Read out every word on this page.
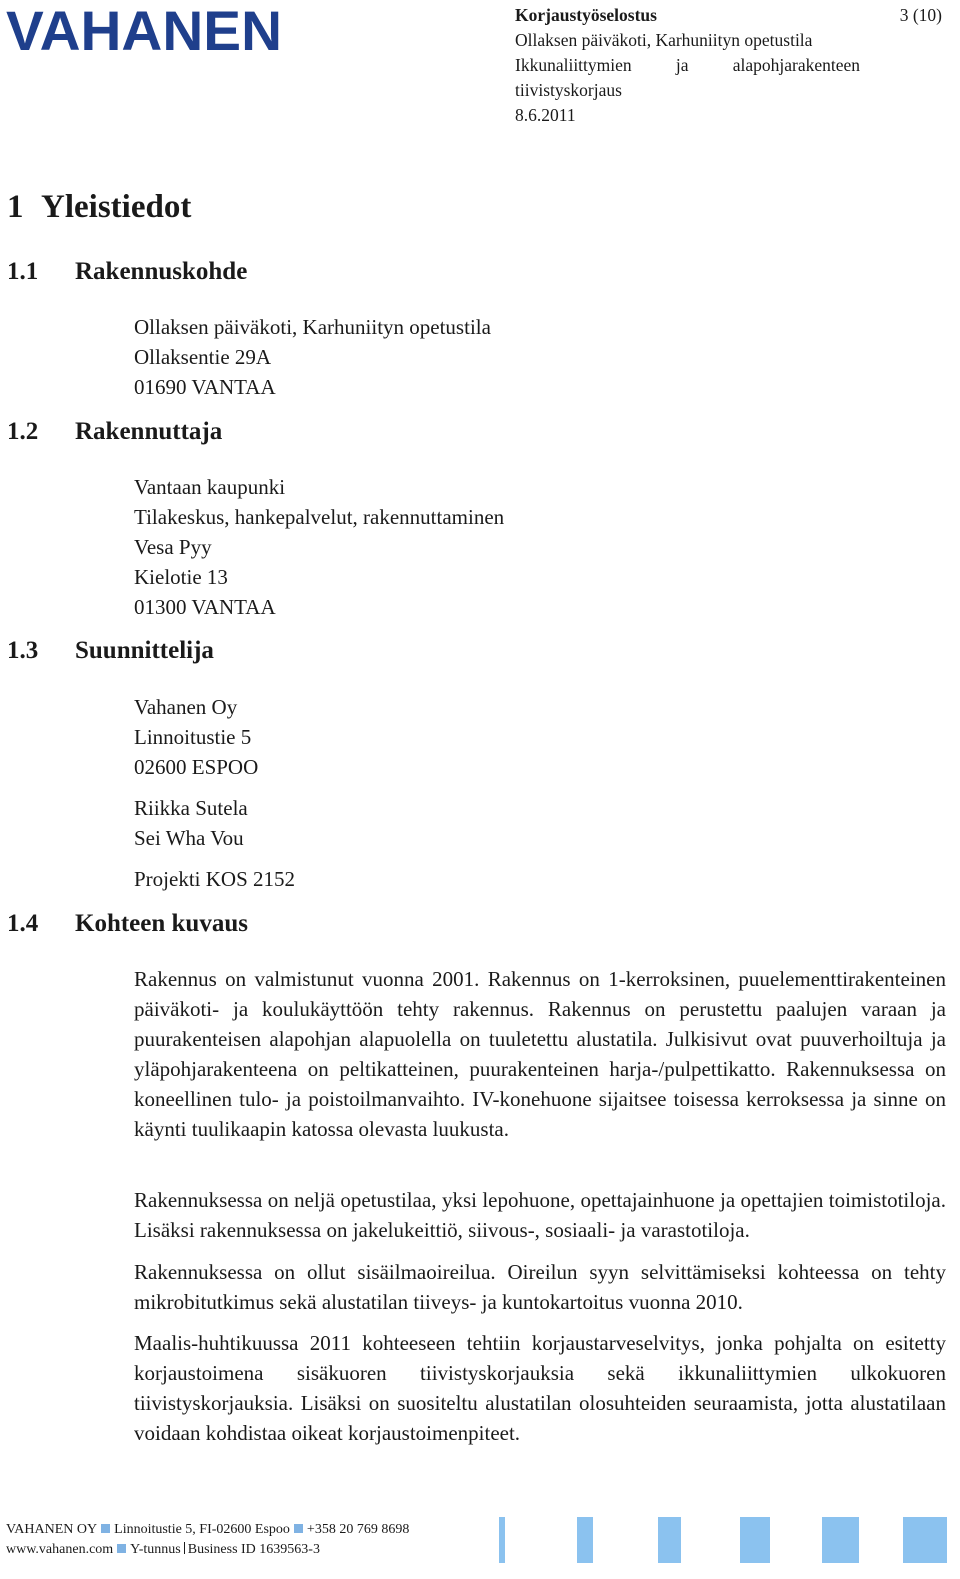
VAHANEN	Korjaustyöselostus
Ollaksen päiväkoti, Karhuniityn opetustila
Ikkunaliittymien ja alapohjarakenteen tiivistyskorjaus
8.6.2011
3 (10)
1 Yleistiedot
1.1 Rakennuskohde
Ollaksen päiväkoti, Karhuniityn opetustila
Ollaksentie 29A
01690 VANTAA
1.2 Rakennuttaja
Vantaan kaupunki
Tilakeskus, hankepalvelut, rakennuttaminen
Vesa Pyy
Kielotie 13
01300 VANTAA
1.3 Suunnittelija
Vahanen Oy
Linnoitustie 5
02600 ESPOO
Riikka Sutela
Sei Wha Vou
Projekti KOS 2152
1.4 Kohteen kuvaus
Rakennus on valmistunut vuonna 2001. Rakennus on 1-kerroksinen, puuelementtirakenteinen päiväkoti- ja koulukäyttöön tehty rakennus. Rakennus on perustettu paalujen varaan ja puurakenteisen alapohjan alapuolella on tuuletettu alustatila. Julkisivut ovat puuverhoiltuja ja yläpohjarakenteena on peltikatteinen, puurakenteinen harja-/pulpettikatto. Rakennuksessa on koneellinen tulo- ja poistoilmanvaihto. IV-konehuone sijaitsee toisessa kerroksessa ja sinne on käynti tuulikaapin katossa olevasta luukusta.
Rakennuksessa on neljä opetustilaa, yksi lepohuone, opettajainhuone ja opettajien toimistotiloja. Lisäksi rakennuksessa on jakelukeittiö, siivous-, sosiaali- ja varastotiloja.
Rakennuksessa on ollut sisäilmaoireilua. Oireilun syyn selvittämiseksi kohteessa on tehty mikrobitutkimus sekä alustatilan tiiveys- ja kuntokartoitus vuonna 2010.
Maalis-huhtikuussa 2011 kohteeseen tehtiin korjaustarveselvitys, jonka pohjalta on esitetty korjaustoimena sisäkuoren tiivistyskorjauksia sekä ikkunaliittymien ulkokuoren tiivistyskorjauksia. Lisäksi on suositeltu alustatilan olosuhteiden seuraamista, jotta alustatilaan voidaan kohdistaa oikeat korjaustoimenpiteet.
VAHANEN OY Linnoitustie 5, FI-02600 Espoo +358 20 769 8698
www.vahanen.com Y-tunnus Business ID 1639563-3
